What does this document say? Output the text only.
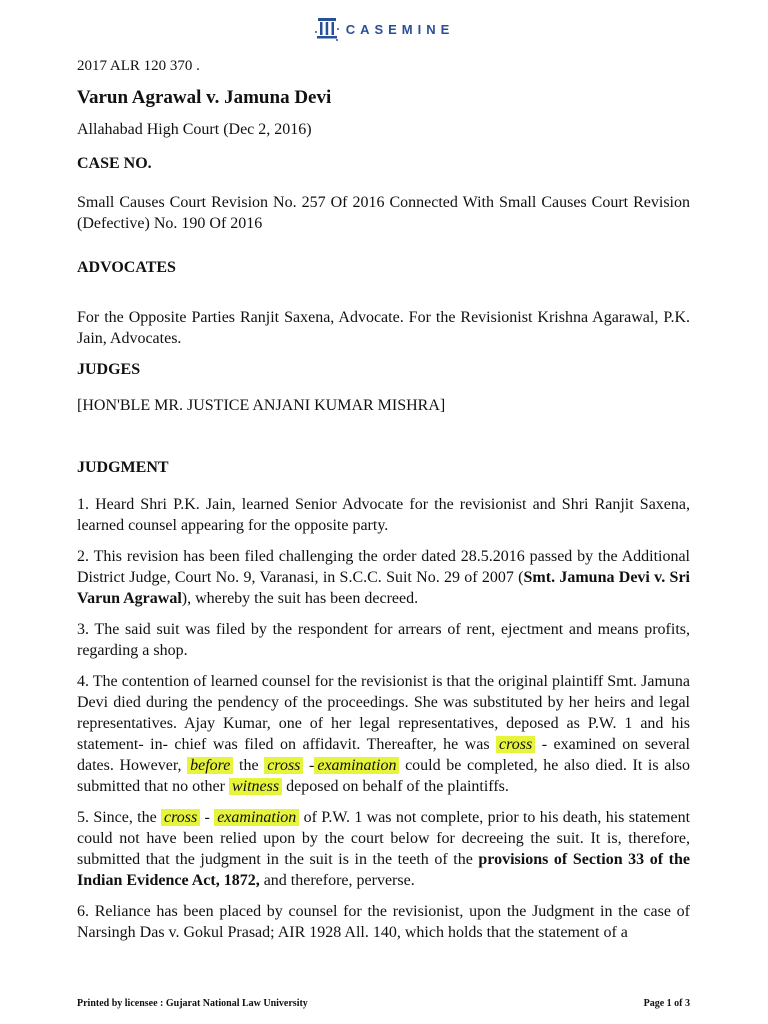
CASEMINE
2017 ALR 120 370 .
Varun Agrawal v. Jamuna Devi
Allahabad High Court (Dec 2, 2016)
CASE NO.

Small Causes Court Revision No. 257 Of 2016 Connected With Small Causes Court Revision (Defective) No. 190 Of 2016

ADVOCATES

For the Opposite Parties Ranjit Saxena, Advocate. For the Revisionist Krishna Agarawal, P.K. Jain, Advocates.

JUDGES

[HON'BLE MR. JUSTICE ANJANI KUMAR MISHRA]

JUDGMENT

1. Heard Shri P.K. Jain, learned Senior Advocate for the revisionist and Shri Ranjit Saxena, learned counsel appearing for the opposite party.

2. This revision has been filed challenging the order dated 28.5.2016 passed by the Additional District Judge, Court No. 9, Varanasi, in S.C.C. Suit No. 29 of 2007 (Smt. Jamuna Devi v. Sri Varun Agrawal), whereby the suit has been decreed.

3. The said suit was filed by the respondent for arrears of rent, ejectment and means profits, regarding a shop.

4. The contention of learned counsel for the revisionist is that the original plaintiff Smt. Jamuna Devi died during the pendency of the proceedings. She was substituted by her heirs and legal representatives. Ajay Kumar, one of her legal representatives, deposed as P.W. 1 and his statement- in- chief was filed on affidavit. Thereafter, he was cross - examined on several dates. However, before the cross - examination could be completed, he also died. It is also submitted that no other witness deposed on behalf of the plaintiffs.

5. Since, the cross - examination of P.W. 1 was not complete, prior to his death, his statement could not have been relied upon by the court below for decreeing the suit. It is, therefore, submitted that the judgment in the suit is in the teeth of the provisions of Section 33 of the Indian Evidence Act, 1872, and therefore, perverse.

6. Reliance has been placed by counsel for the revisionist, upon the Judgment in the case of Narsingh Das v. Gokul Prasad; AIR 1928 All. 140, which holds that the statement of a

Printed by licensee : Gujarat National Law University	Page 1 of 3
